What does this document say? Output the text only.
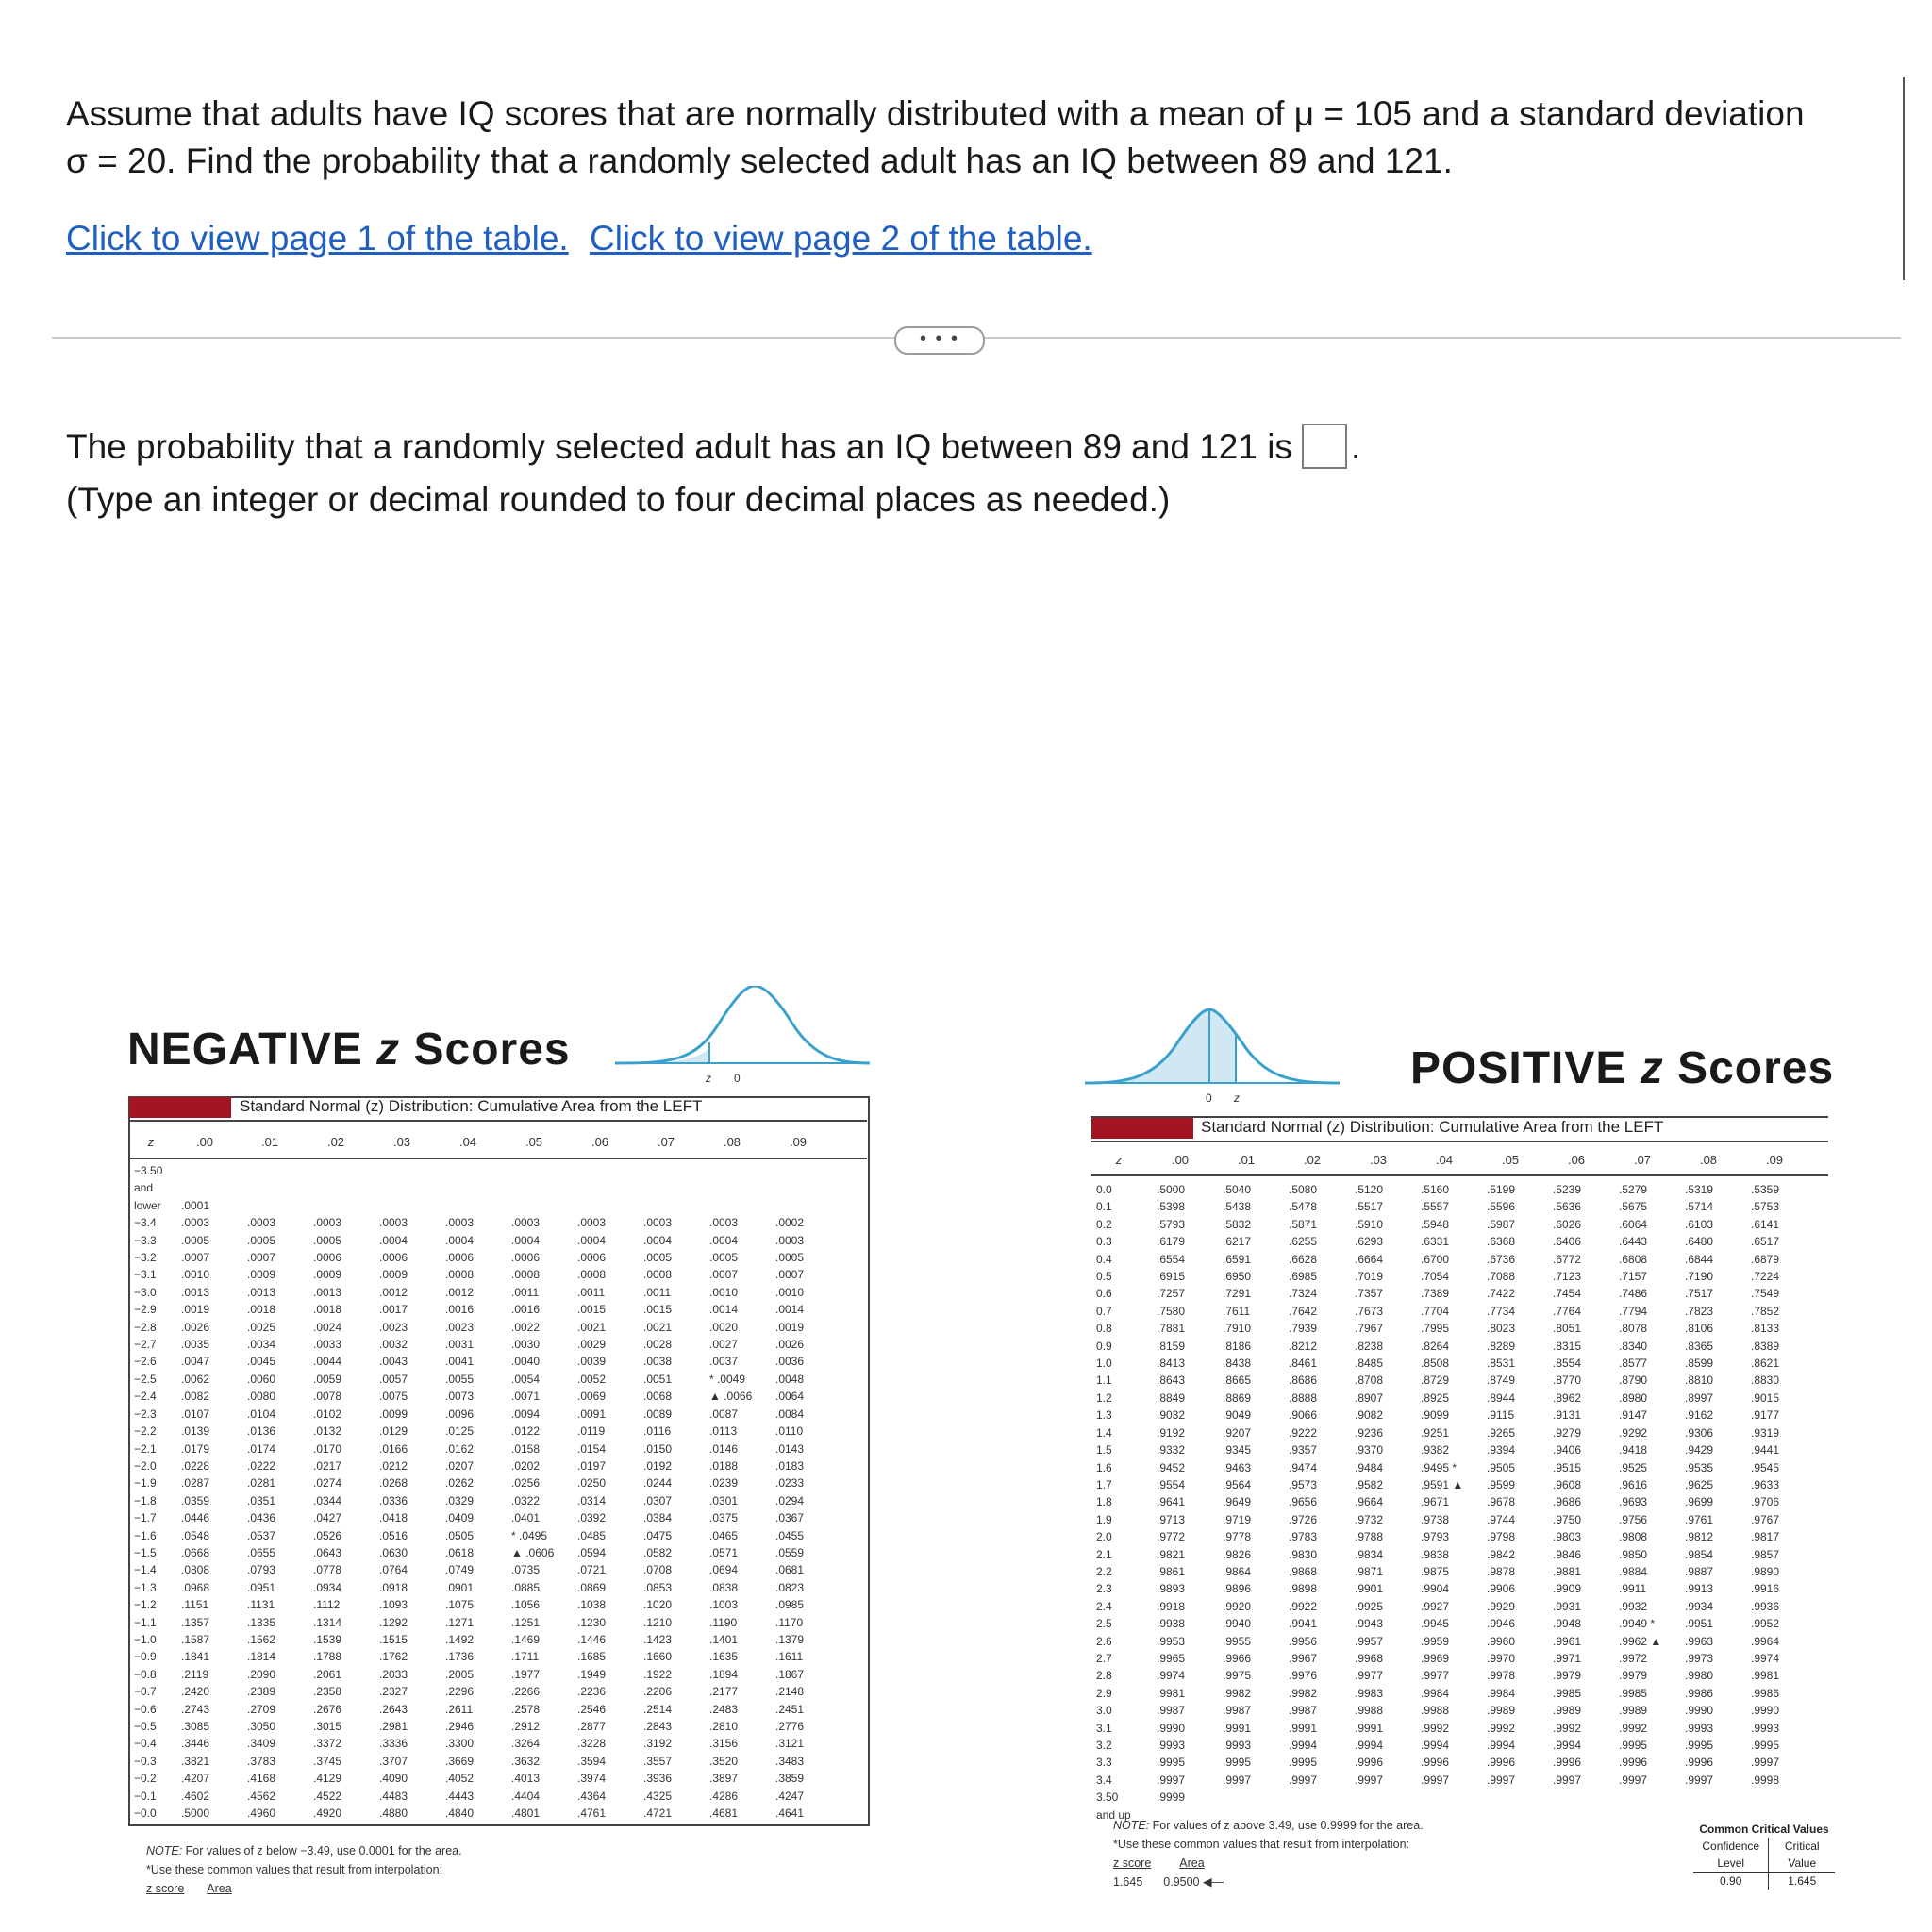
Assume that adults have IQ scores that are normally distributed with a mean of μ = 105 and a standard deviation
σ = 20. Find the probability that a randomly selected adult has an IQ between 89 and 121.
Click to view page 1 of the table. Click to view page 2 of the table.
• • •
The probability that a randomly selected adult has an IQ between 89 and 121 is .
(Type an integer or decimal rounded to four decimal places as needed.)
NEGATIVE z Scores
z 0
Standard Normal (z) Distribution: Cumulative Area from the LEFT
z	.00	.01	.02	.03	.04	.05	.06	.07	.08	.09
−3.50										
and										
lower	.0001									
−3.4	.0003	.0003	.0003	.0003	.0003	.0003	.0003	.0003	.0003	.0002
−3.3	.0005	.0005	.0005	.0004	.0004	.0004	.0004	.0004	.0004	.0003
−3.2	.0007	.0007	.0006	.0006	.0006	.0006	.0006	.0005	.0005	.0005
−3.1	.0010	.0009	.0009	.0009	.0008	.0008	.0008	.0008	.0007	.0007
−3.0	.0013	.0013	.0013	.0012	.0012	.0011	.0011	.0011	.0010	.0010
−2.9	.0019	.0018	.0018	.0017	.0016	.0016	.0015	.0015	.0014	.0014
−2.8	.0026	.0025	.0024	.0023	.0023	.0022	.0021	.0021	.0020	.0019
−2.7	.0035	.0034	.0033	.0032	.0031	.0030	.0029	.0028	.0027	.0026
−2.6	.0047	.0045	.0044	.0043	.0041	.0040	.0039	.0038	.0037	.0036
−2.5	.0062	.0060	.0059	.0057	.0055	.0054	.0052	.0051	* .0049	.0048
−2.4	.0082	.0080	.0078	.0075	.0073	.0071	.0069	.0068	▲ .0066	.0064
−2.3	.0107	.0104	.0102	.0099	.0096	.0094	.0091	.0089	.0087	.0084
−2.2	.0139	.0136	.0132	.0129	.0125	.0122	.0119	.0116	.0113	.0110
−2.1	.0179	.0174	.0170	.0166	.0162	.0158	.0154	.0150	.0146	.0143
−2.0	.0228	.0222	.0217	.0212	.0207	.0202	.0197	.0192	.0188	.0183
−1.9	.0287	.0281	.0274	.0268	.0262	.0256	.0250	.0244	.0239	.0233
−1.8	.0359	.0351	.0344	.0336	.0329	.0322	.0314	.0307	.0301	.0294
−1.7	.0446	.0436	.0427	.0418	.0409	.0401	.0392	.0384	.0375	.0367
−1.6	.0548	.0537	.0526	.0516	.0505	* .0495	.0485	.0475	.0465	.0455
−1.5	.0668	.0655	.0643	.0630	.0618	▲ .0606	.0594	.0582	.0571	.0559
−1.4	.0808	.0793	.0778	.0764	.0749	.0735	.0721	.0708	.0694	.0681
−1.3	.0968	.0951	.0934	.0918	.0901	.0885	.0869	.0853	.0838	.0823
−1.2	.1151	.1131	.1112	.1093	.1075	.1056	.1038	.1020	.1003	.0985
−1.1	.1357	.1335	.1314	.1292	.1271	.1251	.1230	.1210	.1190	.1170
−1.0	.1587	.1562	.1539	.1515	.1492	.1469	.1446	.1423	.1401	.1379
−0.9	.1841	.1814	.1788	.1762	.1736	.1711	.1685	.1660	.1635	.1611
−0.8	.2119	.2090	.2061	.2033	.2005	.1977	.1949	.1922	.1894	.1867
−0.7	.2420	.2389	.2358	.2327	.2296	.2266	.2236	.2206	.2177	.2148
−0.6	.2743	.2709	.2676	.2643	.2611	.2578	.2546	.2514	.2483	.2451
−0.5	.3085	.3050	.3015	.2981	.2946	.2912	.2877	.2843	.2810	.2776
−0.4	.3446	.3409	.3372	.3336	.3300	.3264	.3228	.3192	.3156	.3121
−0.3	.3821	.3783	.3745	.3707	.3669	.3632	.3594	.3557	.3520	.3483
−0.2	.4207	.4168	.4129	.4090	.4052	.4013	.3974	.3936	.3897	.3859
−0.1	.4602	.4562	.4522	.4483	.4443	.4404	.4364	.4325	.4286	.4247
−0.0	.5000	.4960	.4920	.4880	.4840	.4801	.4761	.4721	.4681	.4641
NOTE: For values of z below −3.49, use 0.0001 for the area.
*Use these common values that result from interpolation:
z score Area
0 z
POSITIVE z Scores
Standard Normal (z) Distribution: Cumulative Area from the LEFT
z	.00	.01	.02	.03	.04	.05	.06	.07	.08	.09
0.0	.5000	.5040	.5080	.5120	.5160	.5199	.5239	.5279	.5319	.5359
0.1	.5398	.5438	.5478	.5517	.5557	.5596	.5636	.5675	.5714	.5753
0.2	.5793	.5832	.5871	.5910	.5948	.5987	.6026	.6064	.6103	.6141
0.3	.6179	.6217	.6255	.6293	.6331	.6368	.6406	.6443	.6480	.6517
0.4	.6554	.6591	.6628	.6664	.6700	.6736	.6772	.6808	.6844	.6879
0.5	.6915	.6950	.6985	.7019	.7054	.7088	.7123	.7157	.7190	.7224
0.6	.7257	.7291	.7324	.7357	.7389	.7422	.7454	.7486	.7517	.7549
0.7	.7580	.7611	.7642	.7673	.7704	.7734	.7764	.7794	.7823	.7852
0.8	.7881	.7910	.7939	.7967	.7995	.8023	.8051	.8078	.8106	.8133
0.9	.8159	.8186	.8212	.8238	.8264	.8289	.8315	.8340	.8365	.8389
1.0	.8413	.8438	.8461	.8485	.8508	.8531	.8554	.8577	.8599	.8621
1.1	.8643	.8665	.8686	.8708	.8729	.8749	.8770	.8790	.8810	.8830
1.2	.8849	.8869	.8888	.8907	.8925	.8944	.8962	.8980	.8997	.9015
1.3	.9032	.9049	.9066	.9082	.9099	.9115	.9131	.9147	.9162	.9177
1.4	.9192	.9207	.9222	.9236	.9251	.9265	.9279	.9292	.9306	.9319
1.5	.9332	.9345	.9357	.9370	.9382	.9394	.9406	.9418	.9429	.9441
1.6	.9452	.9463	.9474	.9484	.9495 *	.9505	.9515	.9525	.9535	.9545
1.7	.9554	.9564	.9573	.9582	.9591 ▲	.9599	.9608	.9616	.9625	.9633
1.8	.9641	.9649	.9656	.9664	.9671	.9678	.9686	.9693	.9699	.9706
1.9	.9713	.9719	.9726	.9732	.9738	.9744	.9750	.9756	.9761	.9767
2.0	.9772	.9778	.9783	.9788	.9793	.9798	.9803	.9808	.9812	.9817
2.1	.9821	.9826	.9830	.9834	.9838	.9842	.9846	.9850	.9854	.9857
2.2	.9861	.9864	.9868	.9871	.9875	.9878	.9881	.9884	.9887	.9890
2.3	.9893	.9896	.9898	.9901	.9904	.9906	.9909	.9911	.9913	.9916
2.4	.9918	.9920	.9922	.9925	.9927	.9929	.9931	.9932	.9934	.9936
2.5	.9938	.9940	.9941	.9943	.9945	.9946	.9948	.9949 *	.9951	.9952
2.6	.9953	.9955	.9956	.9957	.9959	.9960	.9961	.9962 ▲	.9963	.9964
2.7	.9965	.9966	.9967	.9968	.9969	.9970	.9971	.9972	.9973	.9974
2.8	.9974	.9975	.9976	.9977	.9977	.9978	.9979	.9979	.9980	.9981
2.9	.9981	.9982	.9982	.9983	.9984	.9984	.9985	.9985	.9986	.9986
3.0	.9987	.9987	.9987	.9988	.9988	.9989	.9989	.9989	.9990	.9990
3.1	.9990	.9991	.9991	.9991	.9992	.9992	.9992	.9992	.9993	.9993
3.2	.9993	.9993	.9994	.9994	.9994	.9994	.9994	.9995	.9995	.9995
3.3	.9995	.9995	.9995	.9996	.9996	.9996	.9996	.9996	.9996	.9997
3.4	.9997	.9997	.9997	.9997	.9997	.9997	.9997	.9997	.9997	.9998
3.50	.9999									
and up										
NOTE: For values of z above 3.49, use 0.9999 for the area.
*Use these common values that result from interpolation:
z score Area
1.645 0.9500 ◀—
Common Critical Values
Confidence Level
Critical Value
0.90	1.645
